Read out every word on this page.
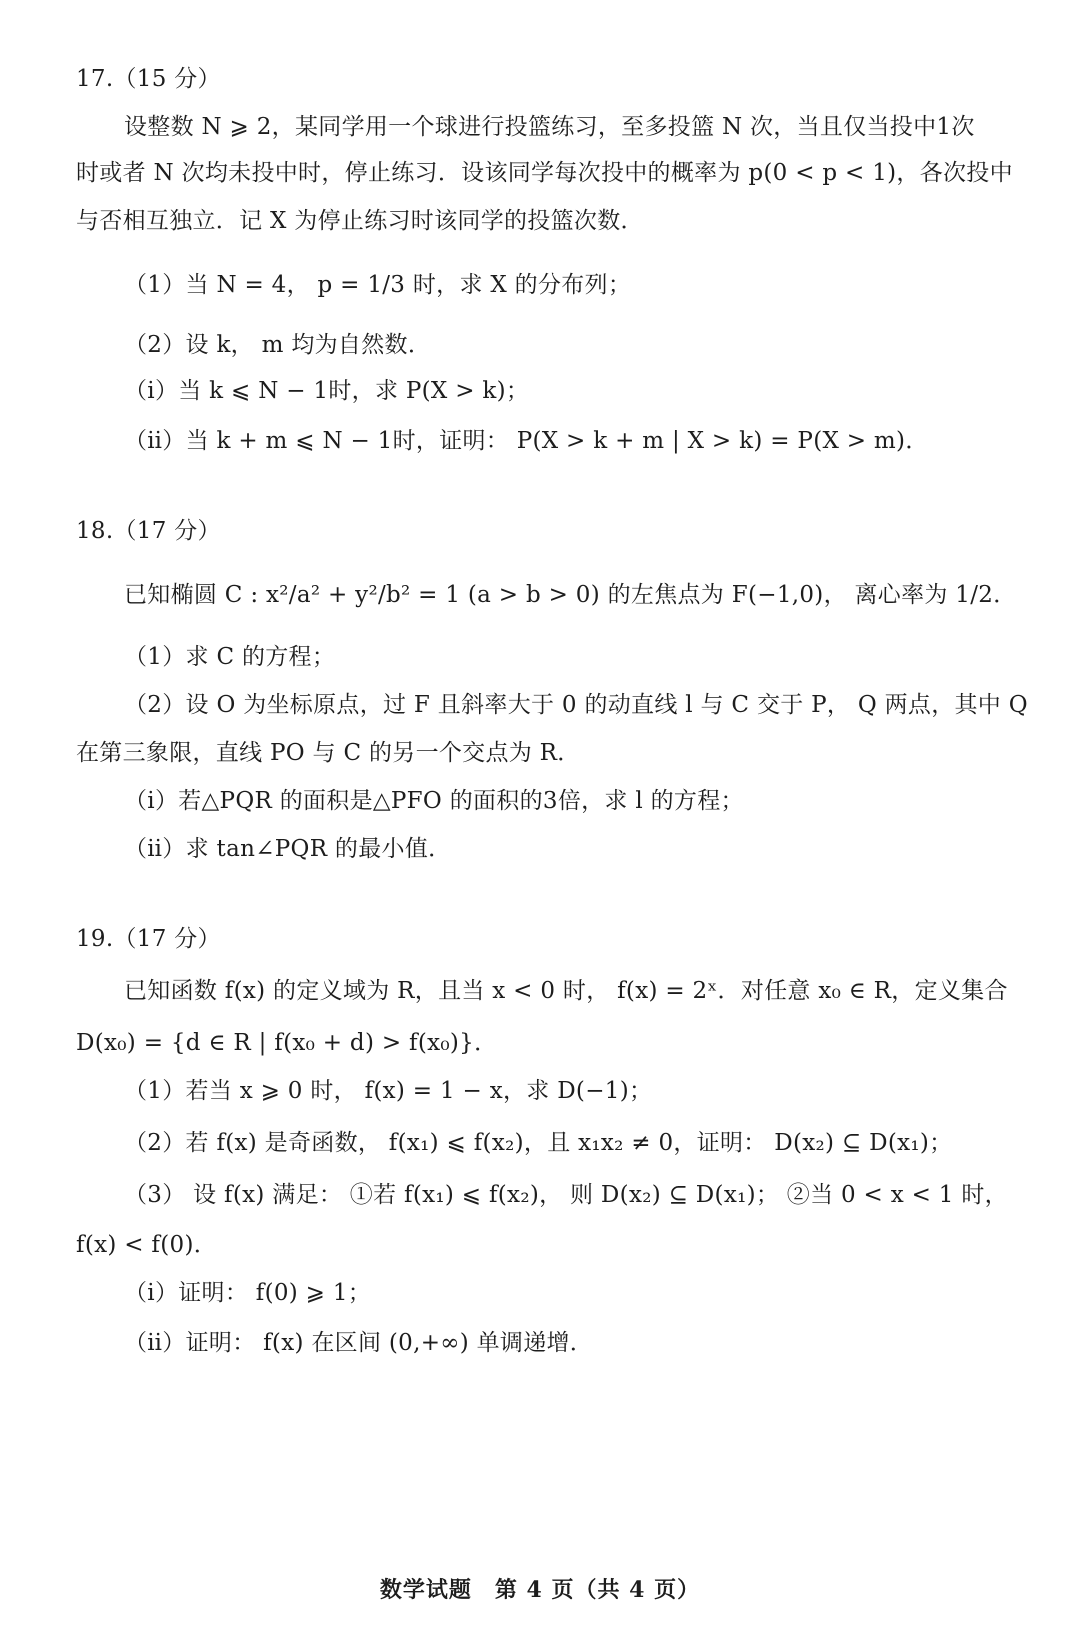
17.（15 分）
设整数 N ⩾ 2，某同学用一个球进行投篮练习，至多投篮 N 次，当且仅当投中1次
时或者 N 次均未投中时，停止练习．设该同学每次投中的概率为 p(0 < p < 1)，各次投中
与否相互独立．记 X 为停止练习时该同学的投篮次数．
（1）当 N = 4， p = 1/3 时，求 X 的分布列；
（2）设 k， m 均为自然数．
（ⅰ）当 k ⩽ N − 1时，求 P(X > k)；
（ⅱ）当 k + m ⩽ N − 1时，证明： P(X > k + m | X > k) = P(X > m)．
18.（17 分）
已知椭圆 C : x²/a² + y²/b² = 1 (a > b > 0) 的左焦点为 F(−1,0)， 离心率为 1/2．
（1）求 C 的方程；
（2）设 O 为坐标原点，过 F 且斜率大于 0 的动直线 l 与 C 交于 P， Q 两点，其中 Q
在第三象限，直线 PO 与 C 的另一个交点为 R．
（ⅰ）若△PQR 的面积是△PFO 的面积的3倍，求 l 的方程；
（ⅱ）求 tan∠PQR 的最小值．
19.（17 分）
已知函数 f(x) 的定义域为 R，且当 x < 0 时， f(x) = 2ˣ．对任意 x₀ ∈ R，定义集合
D(x₀) = {d ∈ R | f(x₀ + d) > f(x₀)}．
（1）若当 x ⩾ 0 时， f(x) = 1 − x，求 D(−1)；
（2）若 f(x) 是奇函数， f(x₁) ⩽ f(x₂)，且 x₁x₂ ≠ 0，证明： D(x₂) ⊆ D(x₁)；
（3） 设 f(x) 满足： ①若 f(x₁) ⩽ f(x₂)， 则 D(x₂) ⊆ D(x₁)； ②当 0 < x < 1 时，
f(x) < f(0)．
（ⅰ）证明： f(0) ⩾ 1；
（ⅱ）证明： f(x) 在区间 (0,+∞) 单调递增．
数学试题　第 4 页（共 4 页）
